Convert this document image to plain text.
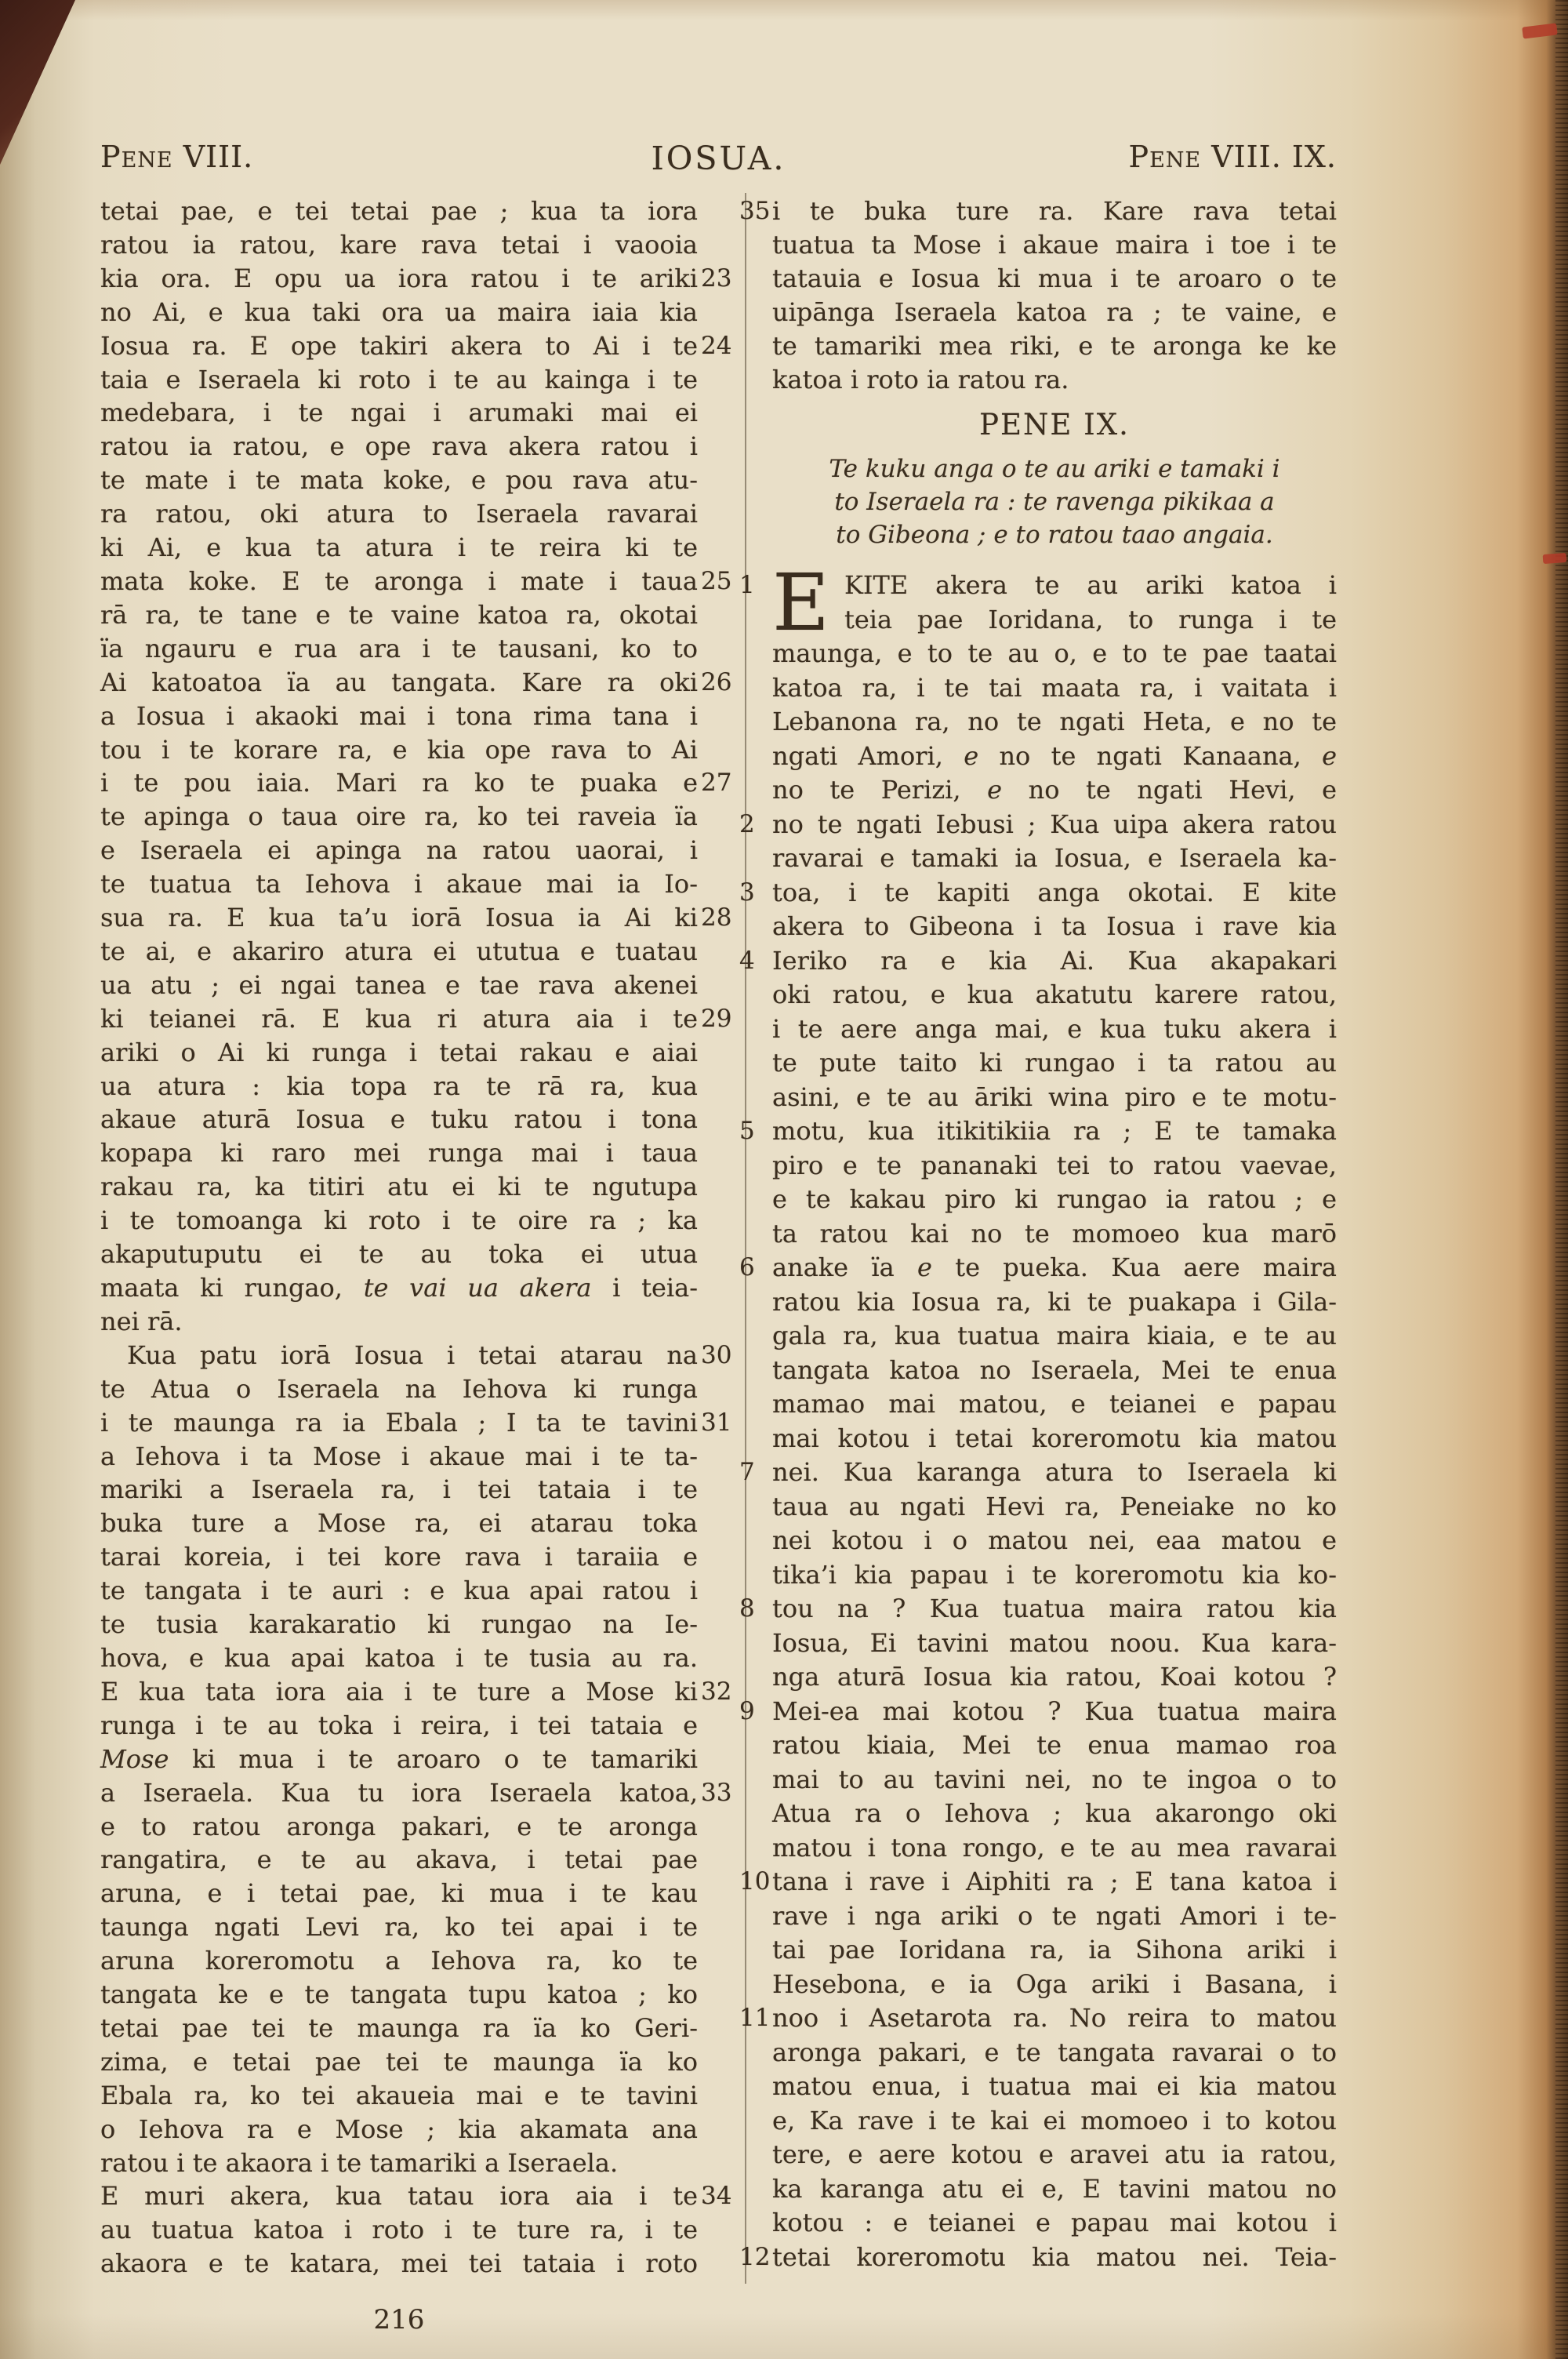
Pene VIII.	IOSUA.	Pene VIII. IX.
tetai pae, e tei tetai pae ; kua ta iora
ratou ia ratou, kare rava tetai i vaooia
kia ora. E opu ua iora ratou i te ariki 23
no Ai, e kua taki ora ua maira iaia kia
Iosua ra. E ope takiri akera to Ai i te 24
taia e Iseraela ki roto i te au kainga i te
medebara, i te ngai i arumaki mai ei
ratou ia ratou, e ope rava akera ratou i
te mate i te mata koke, e pou rava atu-
ra ratou, oki atura to Iseraela ravarai
ki Ai, e kua ta atura i te reira ki te
mata koke. E te aronga i mate i taua 25
rā ra, te tane e te vaine katoa ra, okotai
ïa ngauru e rua ara i te tausani, ko to
Ai katoatoa ïa au tangata. Kare ra oki 26
a Iosua i akaoki mai i tona rima tana i
tou i te korare ra, e kia ope rava to Ai
i te pou iaia. Mari ra ko te puaka e 27
te apinga o taua oire ra, ko tei raveia ïa
e Iseraela ei apinga na ratou uaorai, i
te tuatua ta Iehova i akaue mai ia Io-
sua ra. E kua ta’u iorā Iosua ia Ai ki 28
te ai, e akariro atura ei ututua e tuatau
ua atu ; ei ngai tanea e tae rava akenei
ki teianei rā. E kua ri atura aia i te 29
ariki o Ai ki runga i tetai rakau e aiai
ua atura : kia topa ra te rā ra, kua
akaue aturā Iosua e tuku ratou i tona
kopapa ki raro mei runga mai i taua
rakau ra, ka titiri atu ei ki te ngutupa
i te tomoanga ki roto i te oire ra ; ka
akaputuputu ei te au toka ei utua
maata ki rungao, te vai ua akera i teia-
nei rā.
Kua patu iorā Iosua i tetai atarau na 30
te Atua o Iseraela na Iehova ki runga
i te maunga ra ia Ebala ; I ta te tavini 31
a Iehova i ta Mose i akaue mai i te ta-
mariki a Iseraela ra, i tei tataia i te
buka ture a Mose ra, ei atarau toka
tarai koreia, i tei kore rava i taraiia e
te tangata i te auri : e kua apai ratou i
te tusia karakaratio ki rungao na Ie-
hova, e kua apai katoa i te tusia au ra.
E kua tata iora aia i te ture a Mose ki 32
runga i te au toka i reira, i tei tataia e
Mose ki mua i te aroaro o te tamariki
a Iseraela. Kua tu iora Iseraela katoa, 33
e to ratou aronga pakari, e te aronga
rangatira, e te au akava, i tetai pae
aruna, e i tetai pae, ki mua i te kau
taunga ngati Levi ra, ko tei apai i te
aruna koreromotu a Iehova ra, ko te
tangata ke e te tangata tupu katoa ; ko
tetai pae tei te maunga ra ïa ko Geri-
zima, e tetai pae tei te maunga ïa ko
Ebala ra, ko tei akaueia mai e te tavini
o Iehova ra e Mose ; kia akamata ana
ratou i te akaora i te tamariki a Iseraela.
E muri akera, kua tatau iora aia i te 34
au tuatua katoa i roto i te ture ra, i te
akaora e te katara, mei tei tataia i roto
i te buka ture ra. Kare rava tetai
35
tuatua ta Mose i akaue maira i toe i te
tatauia e Iosua ki mua i te aroaro o te
uipānga Iseraela katoa ra ; te vaine, e
te tamariki mea riki, e te aronga ke ke
katoa i roto ia ratou ra.
PENE IX.
Te kuku anga o te au ariki e tamaki i
to Iseraela ra : te ravenga pikikaa a
to Gibeona ; e to ratou taao angaia.
E KITE akera te au ariki katoa i
1
teia pae Ioridana, to runga i te
maunga, e to te au o, e to te pae taatai
katoa ra, i te tai maata ra, i vaitata i
Lebanona ra, no te ngati Heta, e no te
ngati Amori, e no te ngati Kanaana, e
no te Perizi, e no te ngati Hevi, e
no te ngati Iebusi ; Kua uipa akera ratou
2
ravarai e tamaki ia Iosua, e Iseraela ka-
toa, i te kapiti anga okotai. E kite
3
akera to Gibeona i ta Iosua i rave kia
Ieriko ra e kia Ai. Kua akapakari
4
oki ratou, e kua akatutu karere ratou,
i te aere anga mai, e kua tuku akera i
te pute taito ki rungao i ta ratou au
asini, e te au āriki wina piro e te motu-
motu, kua itikitikiia ra ; E te tamaka
5
piro e te pananaki tei to ratou vaevae,
e te kakau piro ki rungao ia ratou ; e
ta ratou kai no te momoeo kua marō
anake ïa e te pueka. Kua aere maira
6
ratou kia Iosua ra, ki te puakapa i Gila-
gala ra, kua tuatua maira kiaia, e te au
tangata katoa no Iseraela, Mei te enua
mamao mai matou, e teianei e papau
mai kotou i tetai koreromotu kia matou
nei. Kua karanga atura to Iseraela ki
7
taua au ngati Hevi ra, Peneiake no ko
nei kotou i o matou nei, eaa matou e
tika’i kia papau i te koreromotu kia ko-
tou na ? Kua tuatua maira ratou kia
8
Iosua, Ei tavini matou noou. Kua kara-
nga aturā Iosua kia ratou, Koai kotou ?
Mei-ea mai kotou ? Kua tuatua maira
9
ratou kiaia, Mei te enua mamao roa
mai to au tavini nei, no te ingoa o to
Atua ra o Iehova ; kua akarongo oki
matou i tona rongo, e te au mea ravarai
tana i rave i Aiphiti ra ; E tana katoa i
10
rave i nga ariki o te ngati Amori i te-
tai pae Ioridana ra, ia Sihona ariki i
Hesebona, e ia Oga ariki i Basana, i
noo i Asetarota ra. No reira to matou
11
aronga pakari, e te tangata ravarai o to
matou enua, i tuatua mai ei kia matou
e, Ka rave i te kai ei momoeo i to kotou
tere, e aere kotou e aravei atu ia ratou,
ka karanga atu ei e, E tavini matou no
kotou : e teianei e papau mai kotou i
tetai koreromotu kia matou nei. Teia-
12
216
